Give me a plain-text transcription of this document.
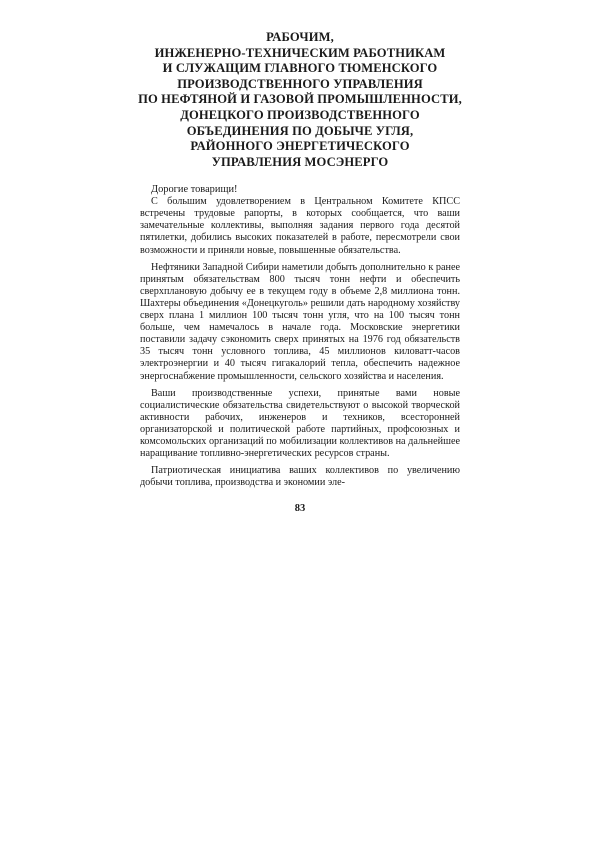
РАБОЧИМ,
ИНЖЕНЕРНО-ТЕХНИЧЕСКИМ РАБОТНИКАМ
И СЛУЖАЩИМ ГЛАВНОГО ТЮМЕНСКОГО
ПРОИЗВОДСТВЕННОГО УПРАВЛЕНИЯ
ПО НЕФТЯНОЙ И ГАЗОВОЙ ПРОМЫШЛЕННОСТИ,
ДОНЕЦКОГО ПРОИЗВОДСТВЕННОГО
ОБЪЕДИНЕНИЯ ПО ДОБЫЧЕ УГЛЯ,
РАЙОННОГО ЭНЕРГЕТИЧЕСКОГО
УПРАВЛЕНИЯ МОСЭНЕРГО

Дорогие товарищи!

С большим удовлетворением в Центральном Комитете КПСС встречены трудовые рапорты, в которых сообщается, что ваши замечательные коллективы, выполняя задания первого года десятой пятилетки, добились высоких показателей в работе, пересмотрели свои возможности и приняли новые, повышенные обязательства.

Нефтяники Западной Сибири наметили добыть дополнительно к ранее принятым обязательствам 800 тысяч тонн нефти и обеспечить сверхплановую добычу ее в текущем году в объеме 2,8 миллиона тонн. Шахтеры объединения «Донецкуголь» решили дать народному хозяйству сверх плана 1 миллион 100 тысяч тонн угля, что на 100 тысяч тонн больше, чем намечалось в начале года. Московские энергетики поставили задачу сэкономить сверх принятых на 1976 год обязательств 35 тысяч тонн условного топлива, 45 миллионов киловатт-часов электроэнергии и 40 тысяч гигакалорий тепла, обеспечить надежное энергоснабжение промышленности, сельского хозяйства и населения.

Ваши производственные успехи, принятые вами новые социалистические обязательства свидетельствуют о высокой творческой активности рабочих, инженеров и техников, всесторонней организаторской и политической работе партийных, профсоюзных и комсомольских организаций по мобилизации коллективов на дальнейшее наращивание топливно-энергетических ресурсов страны.

Патриотическая инициатива ваших коллективов по увеличению добычи топлива, производства и экономии эле-

83
